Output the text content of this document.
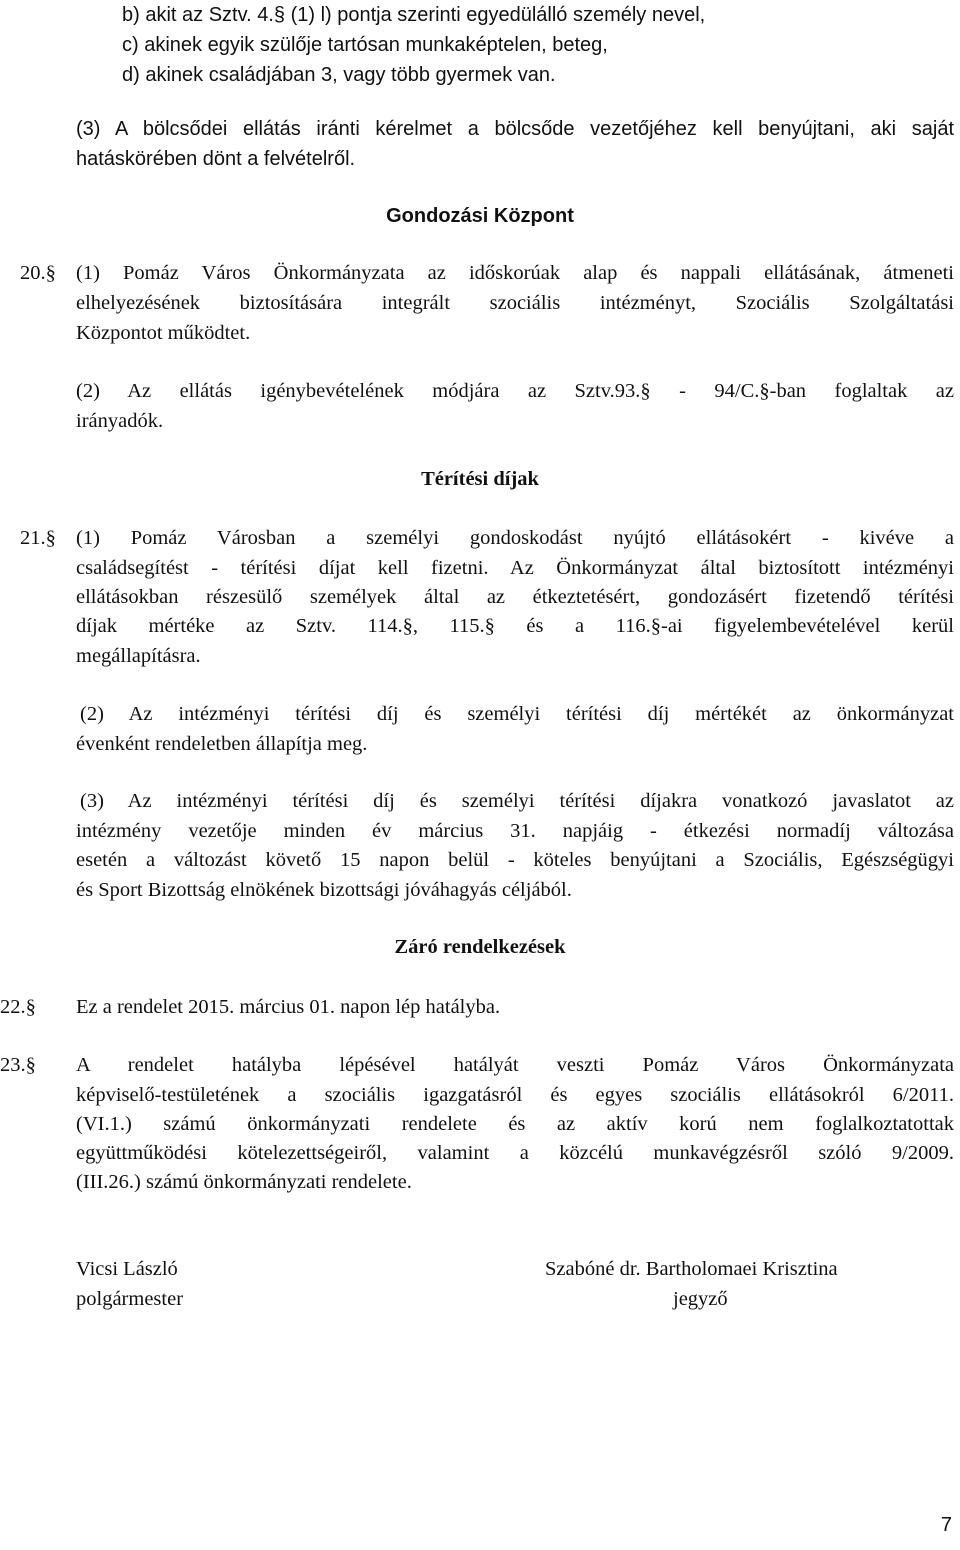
b) akit az Sztv. 4.§ (1) l) pontja szerinti egyedülálló személy nevel,
c) akinek egyik szülője tartósan munkaképtelen, beteg,
d) akinek családjában 3, vagy több gyermek van.
(3) A bölcsődei ellátás iránti kérelmet a bölcsőde vezetőjéhez kell benyújtani, aki saját
hatáskörében dönt a felvételről.
Gondozási Központ
20.§ (1) Pomáz Város Önkormányzata az időskorúak alap és nappali ellátásának, átmeneti
elhelyezésének biztosítására integrált szociális intézményt, Szociális Szolgáltatási
Központot működtet.
(2) Az ellátás igénybevételének módjára az Sztv.93.§ - 94/C.§-ban foglaltak az
irányadók.
Térítési díjak
21.§ (1) Pomáz Városban a személyi gondoskodást nyújtó ellátásokért - kivéve a
családsegítést - térítési díjat kell fizetni. Az Önkormányzat által biztosított intézményi
ellátásokban részesülő személyek által az étkeztetésért, gondozásért fizetendő térítési
díjak mértéke az Sztv. 114.§, 115.§ és a 116.§-ai figyelembevételével kerül
megállapításra.
(2) Az intézményi térítési díj és személyi térítési díj mértékét az önkormányzat
évenként rendeletben állapítja meg.
(3) Az intézményi térítési díj és személyi térítési díjakra vonatkozó javaslatot az
intézmény vezetője minden év március 31. napjáig - étkezési normadíj változása
esetén a változást követő 15 napon belül - köteles benyújtani a Szociális, Egészségügyi
és Sport Bizottság elnökének bizottsági jóváhagyás céljából.
Záró rendelkezések
22.§ Ez a rendelet 2015. március 01. napon lép hatályba.
23.§ A rendelet hatályba lépésével hatályát veszti Pomáz Város Önkormányzata
képviselő-testületének a szociális igazgatásról és egyes szociális ellátásokról 6/2011.
(VI.1.) számú önkormányzati rendelete és az aktív korú nem foglalkoztatottak
együttműködési kötelezettségeiről, valamint a közcélú munkavégzésről szóló 9/2009.
(III.26.) számú önkormányzati rendelete.
Vicsi László
polgármester
Szabóné dr. Bartholomaei Krisztina
jegyző
7
